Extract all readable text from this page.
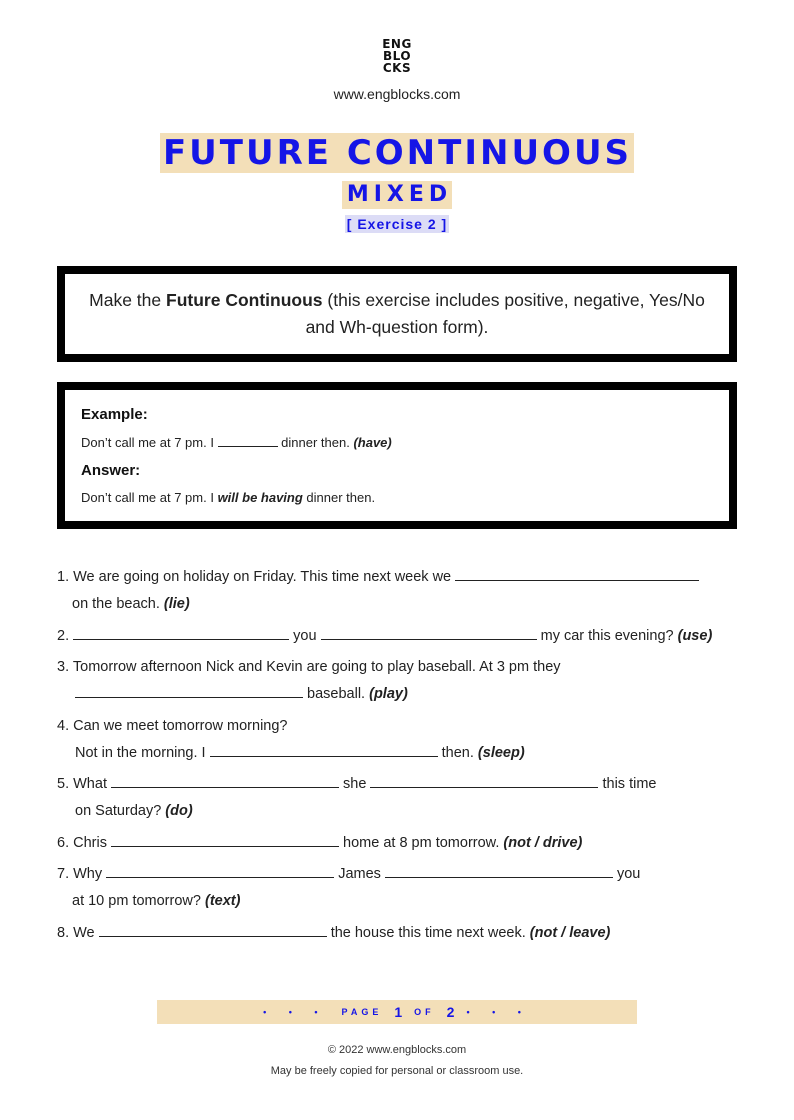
ENG
BLO
CKS
www.engblocks.com
FUTURE CONTINUOUS
MIXED
[ Exercise 2 ]
Make the Future Continuous (this exercise includes positive, negative, Yes/No and Wh-question form).
Example:
Don’t call me at 7 pm. I	dinner then. (have)
Answer:
Don’t call me at 7 pm. I will be having dinner then.
1. We are going on holiday on Friday. This time next week we
on the beach. (lie)
2.	you	my car this evening? (use)
3. Tomorrow afternoon Nick and Kevin are going to play baseball. At 3 pm they
baseball. (play)
4. Can we meet tomorrow morning?
Not in the morning. I	then. (sleep)
5. What	she	this time
on Saturday? (do)
6. Chris	home at 8 pm tomorrow. (not / drive)
7. Why	James	you
at 10 pm tomorrow? (text)
8. We	the house this time next week. (not / leave)
• • • PAGE 1 OF 2 • • •
© 2022 www.engblocks.com
May be freely copied for personal or classroom use.
